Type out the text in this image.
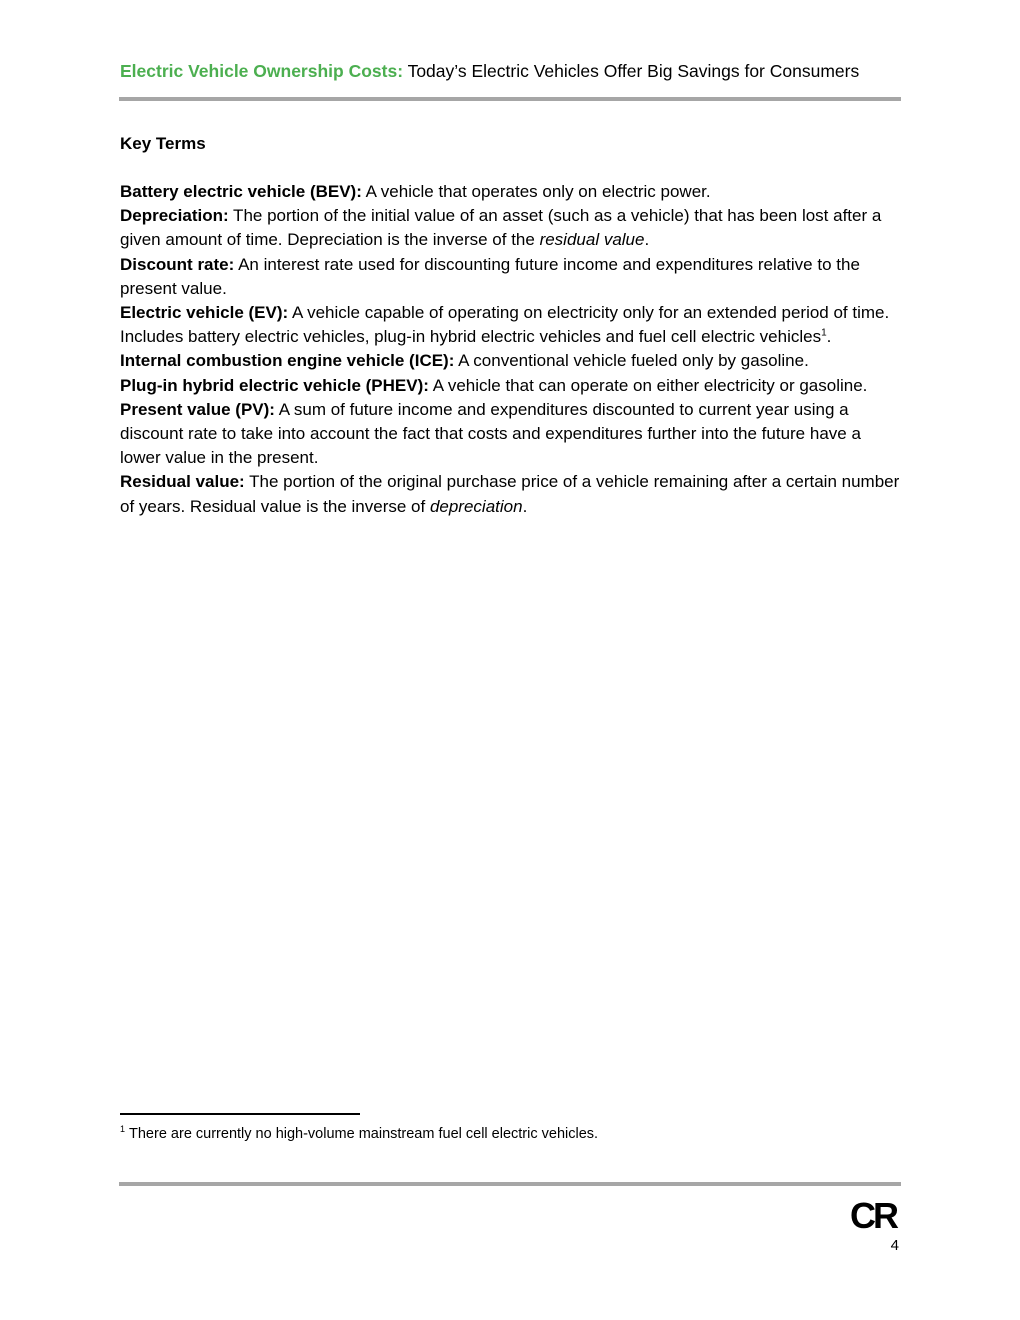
Electric Vehicle Ownership Costs: Today’s Electric Vehicles Offer Big Savings for Consumers
Key Terms

Battery electric vehicle (BEV): A vehicle that operates only on electric power.

Depreciation: The portion of the initial value of an asset (such as a vehicle) that has been lost after a given amount of time. Depreciation is the inverse of the residual value.

Discount rate: An interest rate used for discounting future income and expenditures relative to the present value.

Electric vehicle (EV): A vehicle capable of operating on electricity only for an extended period of time. Includes battery electric vehicles, plug-in hybrid electric vehicles and fuel cell electric vehicles$^1$.

Internal combustion engine vehicle (ICE): A conventional vehicle fueled only by gasoline.

Plug-in hybrid electric vehicle (PHEV): A vehicle that can operate on either electricity or gasoline.

Present value (PV): A sum of future income and expenditures discounted to current year using a discount rate to take into account the fact that costs and expenditures further into the future have a lower value in the present.

Residual value: The portion of the original purchase price of a vehicle remaining after a certain number of years. Residual value is the inverse of depreciation.

$^1$ There are currently no high-volume mainstream fuel cell electric vehicles.
CR
4
